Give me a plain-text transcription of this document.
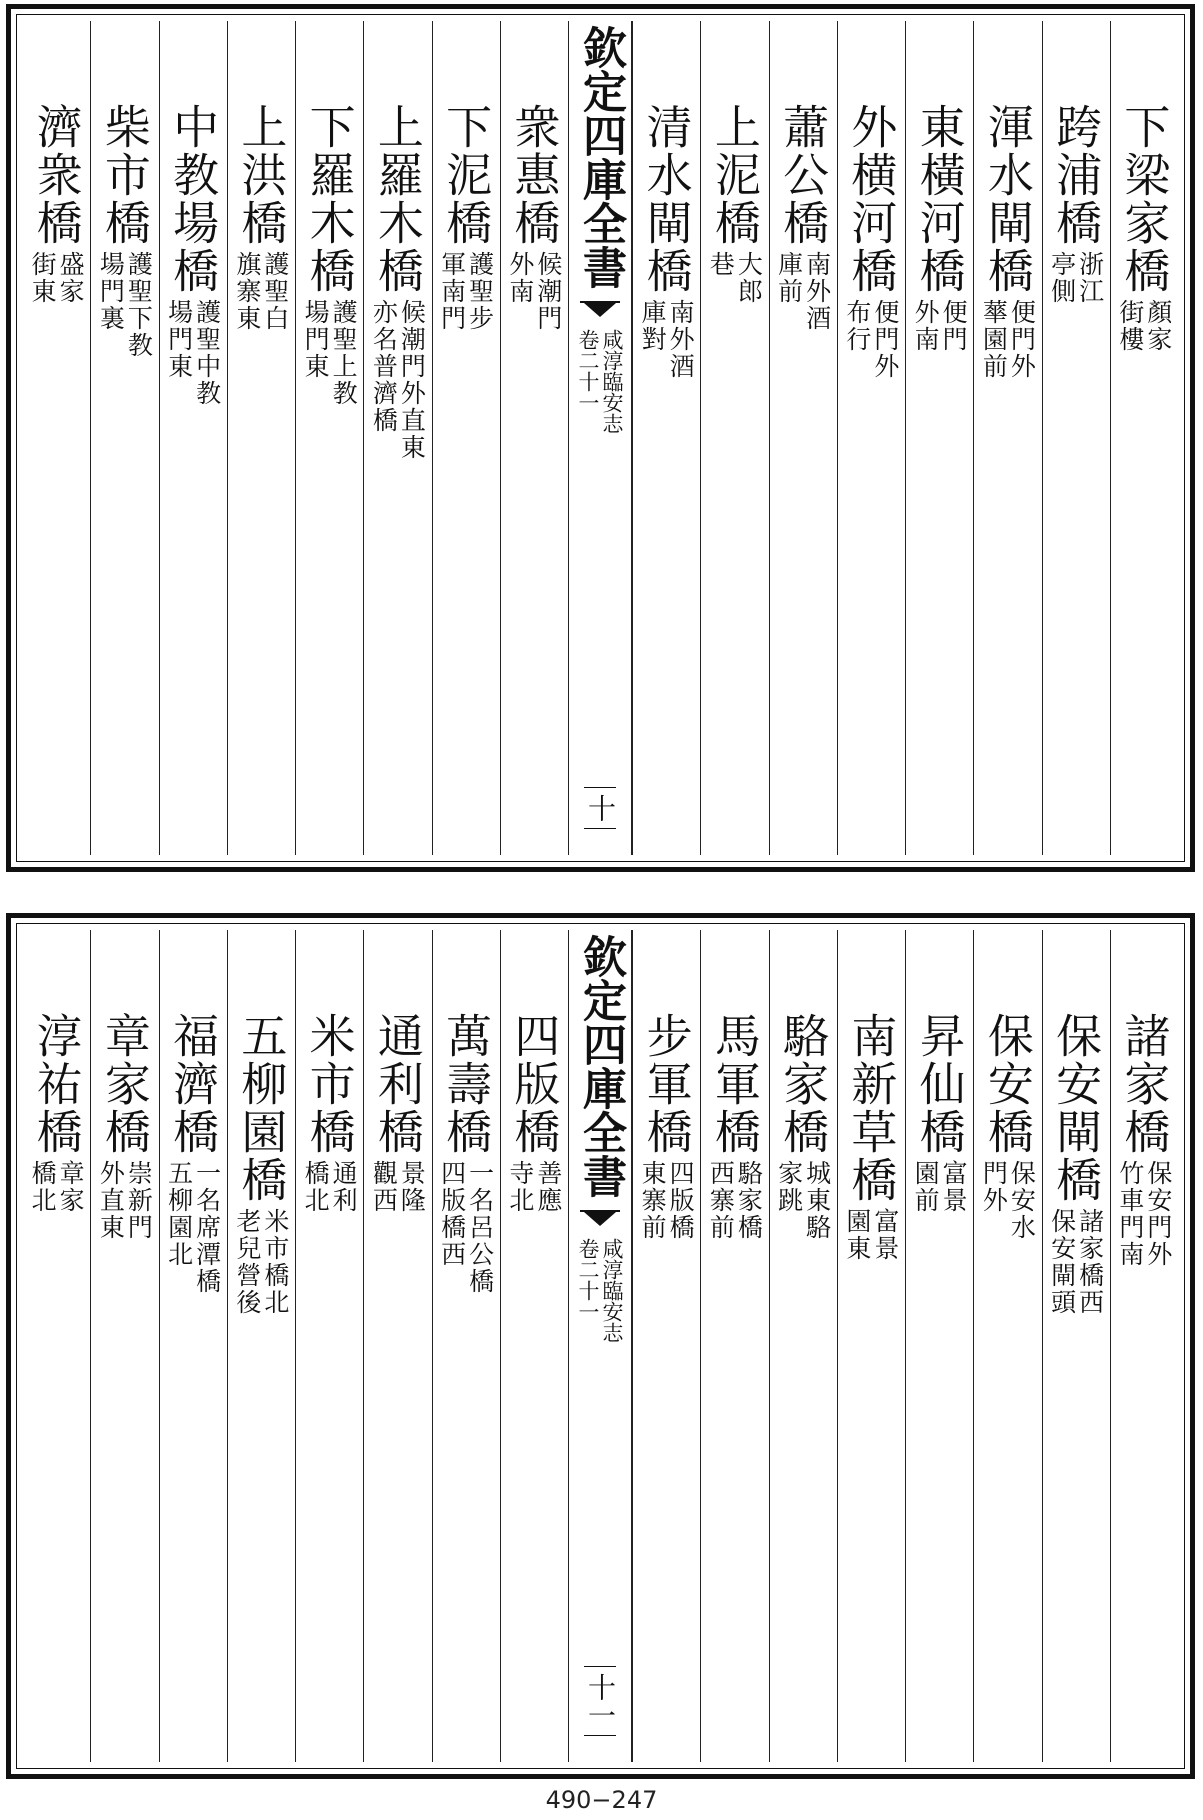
下梁家橋
顏家
街樓
跨浦橋
浙江
亭側
渾水閘橋
便門外
蕐園前
東橫河橋
便門
外南
外横河橋
便門外
布行
蕭公橋
南外酒
庫前
上泥橋
大郎
巷
清水閘橋
南外酒
庫對
欽定四庫全書
咸淳臨安志
卷二十一
十
衆惠橋
候潮門
外南
下泥橋
護聖步
軍南門
上羅木橋
候潮門外直東
亦名普濟橋
下羅木橋
護聖上教
場門東
上洪橋
護聖白
旗寨東
中教場橋
護聖中教
場門東
柴市橋
護聖下教
場門裏
濟衆橋
盛家
街東
諸家橋
保安門外
竹車門南
保安閘橋
諸家橋西
保安閘頭
保安橋
保安水
門外
昇仙橋
富景
園前
南新草橋
富景
園東
駱家橋
城東駱
家跳
馬軍橋
駱家橋
西寨前
步軍橋
四版橋
東寨前
欽定四庫全書
咸淳臨安志
卷二十一
十一
四版橋
善應
寺北
萬壽橋
一名呂公橋
四版橋西
通利橋
景隆
觀西
米市橋
通利
橋北
五柳園橋
米市橋北
老兒營後
福濟橋
一名席潭橋
五柳園北
章家橋
崇新門
外直東
淳祐橋
章家
橋北
490−247
